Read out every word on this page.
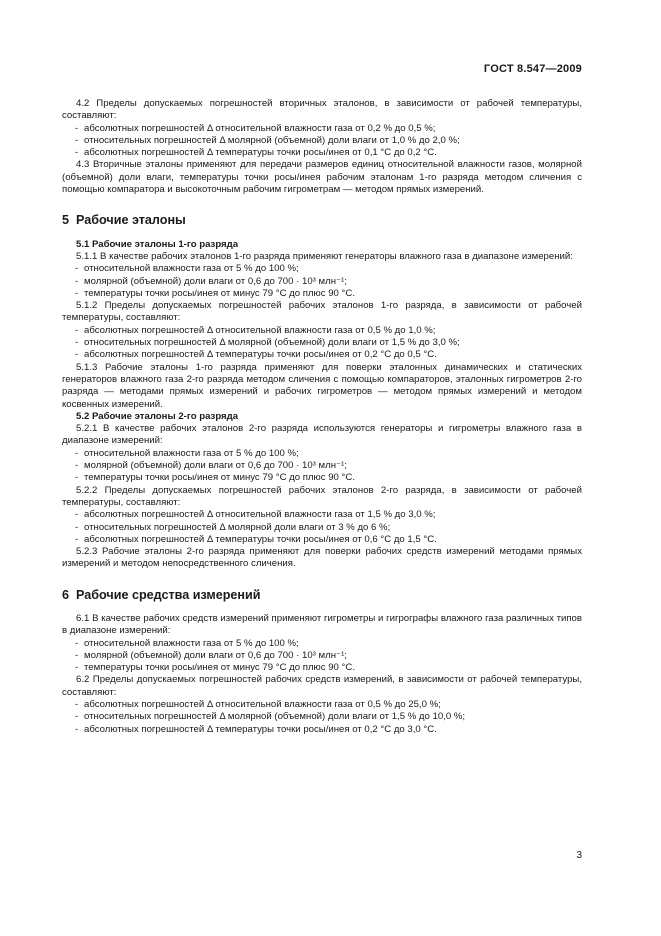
ГОСТ 8.547—2009

4.2 Пределы допускаемых погрешностей вторичных эталонов, в зависимости от рабочей температуры, составляют:

- абсолютных погрешностей Δ относительной влажности газа от 0,2 % до 0,5 %;
- относительных погрешностей Δ молярной (объемной) доли влаги от 1,0 % до 2,0 %;
- абсолютных погрешностей Δ температуры точки росы/инея от 0,1 °С до 0,2 °С.

4.3 Вторичные эталоны применяют для передачи размеров единиц относительной влажности газов, молярной (объемной) доли влаги, температуры точки росы/инея рабочим эталонам 1-го разряда методом сличения с помощью компаратора и высокоточным рабочим гигрометрам — методом прямых измерений.

5 Рабочие эталоны

5.1 Рабочие эталоны 1-го разряда

5.1.1 В качестве рабочих эталонов 1-го разряда применяют генераторы влажного газа в диапазоне измерений:

- относительной влажности газа от 5 % до 100 %;
- молярной (объемной) доли влаги от 0,6 до 700 · 10³ млн⁻¹;
- температуры точки росы/инея от минус 79 °С до плюс 90 °С.

5.1.2 Пределы допускаемых погрешностей рабочих эталонов 1-го разряда, в зависимости от рабочей температуры, составляют:

- абсолютных погрешностей Δ относительной влажности газа от 0,5 % до 1,0 %;
- относительных погрешностей Δ молярной (объемной) доли влаги от 1,5 % до 3,0 %;
- абсолютных погрешностей Δ температуры точки росы/инея от 0,2 °С до 0,5 °С.

5.1.3 Рабочие эталоны 1-го разряда применяют для поверки эталонных динамических и статических генераторов влажного газа 2-го разряда методом сличения с помощью компараторов, эталонных гигрометров 2-го разряда — методами прямых измерений и рабочих гигрометров — методом прямых измерений и методом косвенных измерений.

5.2 Рабочие эталоны 2-го разряда

5.2.1 В качестве рабочих эталонов 2-го разряда используются генераторы и гигрометры влажного газа в диапазоне измерений:

- относительной влажности газа от 5 % до 100 %;
- молярной (объемной) доли влаги от 0,6 до 700 · 10³ млн⁻¹;
- температуры точки росы/инея от минус 79 °С до плюс 90 °С.

5.2.2 Пределы допускаемых погрешностей рабочих эталонов 2-го разряда, в зависимости от рабочей температуры, составляют:

- абсолютных погрешностей Δ относительной влажности газа от 1,5 % до 3,0 %;
- относительных погрешностей Δ молярной доли влаги от 3 % до 6 %;
- абсолютных погрешностей Δ температуры точки росы/инея от 0,6 °С до 1,5 °С.

5.2.3 Рабочие эталоны 2-го разряда применяют для поверки рабочих средств измерений методами прямых измерений и методом непосредственного сличения.

6 Рабочие средства измерений

6.1 В качестве рабочих средств измерений применяют гигрометры и гигрографы влажного газа различных типов в диапазоне измерений:

- относительной влажности газа от 5 % до 100 %;
- молярной (объемной) доли влаги от 0,6 до 700 · 10³ млн⁻¹;
- температуры точки росы/инея от минус 79 °С до плюс 90 °С.

6.2 Пределы допускаемых погрешностей рабочих средств измерений, в зависимости от рабочей температуры, составляют:

- абсолютных погрешностей Δ относительной влажности газа от 0,5 % до 25,0 %;
- относительных погрешностей Δ молярной (объемной) доли влаги от 1,5 % до 10,0 %;
- абсолютных погрешностей Δ температуры точки росы/инея от 0,2 °С до 3,0 °С.
3
